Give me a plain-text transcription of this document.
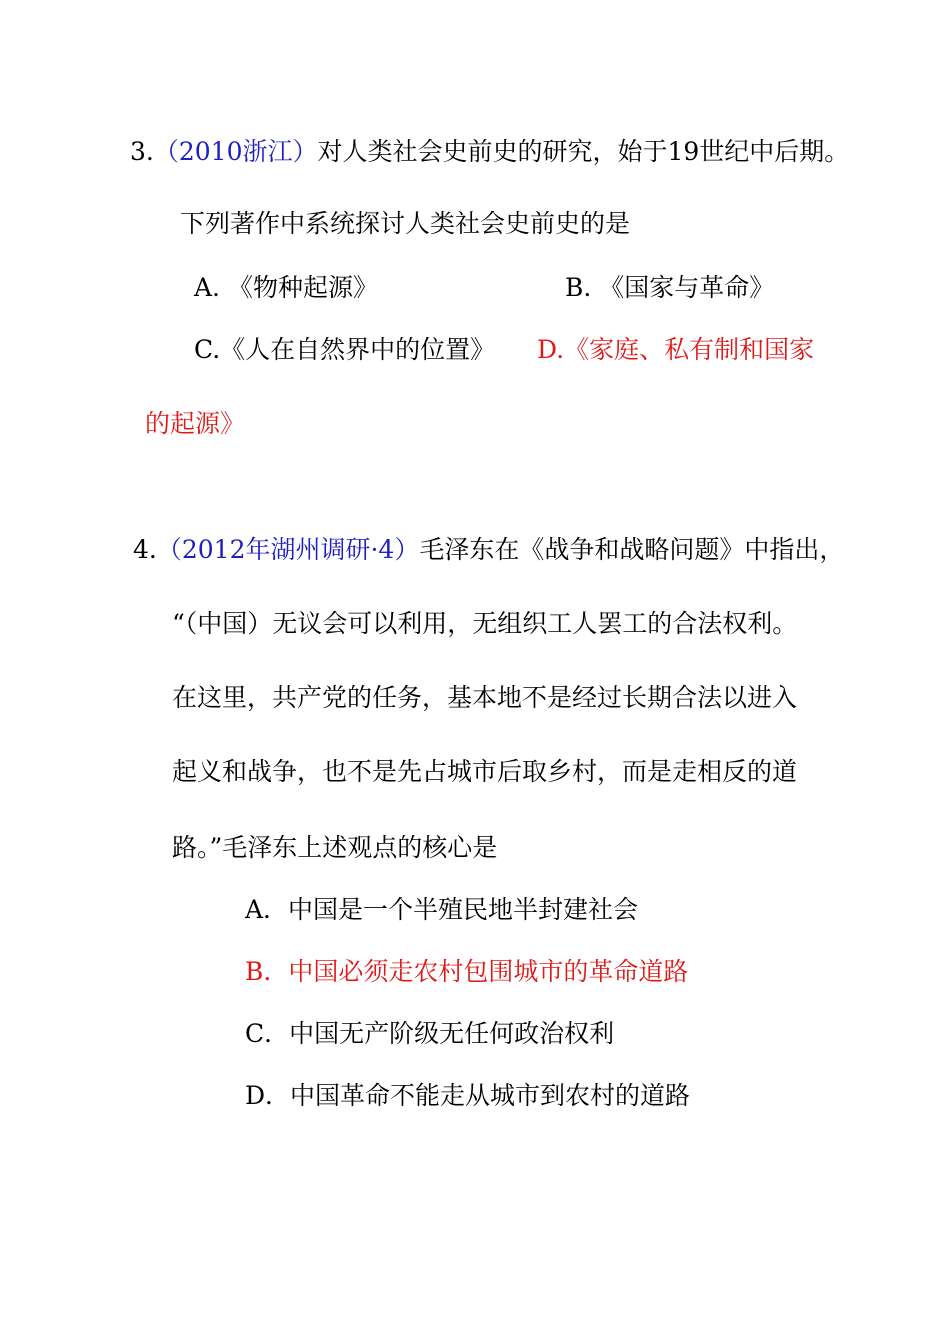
3.（2010浙江）对人类社会史前史的研究，始于19世纪中后期。
下列著作中系统探讨人类社会史前史的是
A. 《物种起源》	B. 《国家与革命》
C.《人在自然界中的位置》 D.《家庭、私有制和国家
的起源》
4.（2012年湖州调研·4）毛泽东在《战争和战略问题》中指出，
“（中国）无议会可以利用，无组织工人罢工的合法权利。
在这里，共产党的任务，基本地不是经过长期合法以进入
起义和战争，也不是先占城市后取乡村，而是走相反的道
路。”毛泽东上述观点的核心是
A．中国是一个半殖民地半封建社会
B．中国必须走农村包围城市的革命道路
C．中国无产阶级无任何政治权利
D．中国革命不能走从城市到农村的道路
